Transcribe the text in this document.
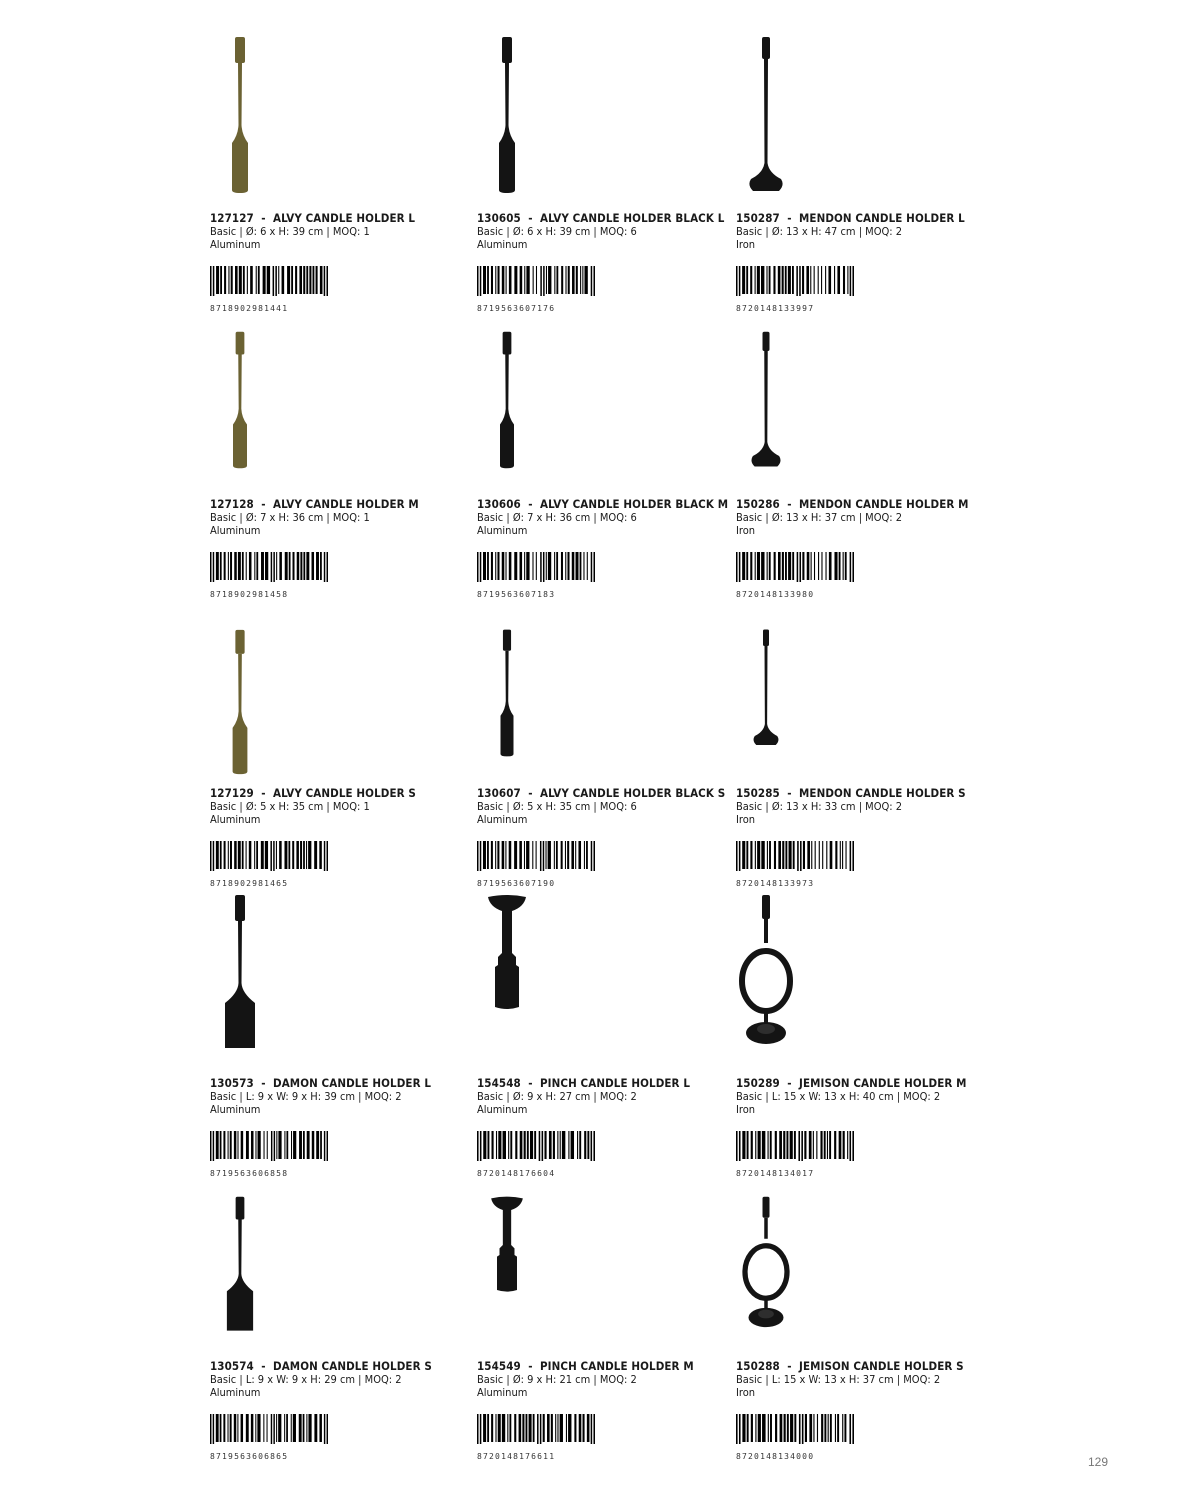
127127  -  ALVY CANDLE HOLDER L
Basic | Ø: 6 x H: 39 cm | MOQ: 1
Aluminum
8718902981441
130605  -  ALVY CANDLE HOLDER BLACK L
Basic | Ø: 6 x H: 39 cm | MOQ: 6
Aluminum
8719563607176
150287  -  MENDON CANDLE HOLDER L
Basic | Ø: 13 x H: 47 cm | MOQ: 2
Iron
8720148133997
127128  -  ALVY CANDLE HOLDER M
Basic | Ø: 7 x H: 36 cm | MOQ: 1
Aluminum
8718902981458
130606  -  ALVY CANDLE HOLDER BLACK M
Basic | Ø: 7 x H: 36 cm | MOQ: 6
Aluminum
8719563607183
150286  -  MENDON CANDLE HOLDER M
Basic | Ø: 13 x H: 37 cm | MOQ: 2
Iron
8720148133980
127129  -  ALVY CANDLE HOLDER S
Basic | Ø: 5 x H: 35 cm | MOQ: 1
Aluminum
8718902981465
130607  -  ALVY CANDLE HOLDER BLACK S
Basic | Ø: 5 x H: 35 cm | MOQ: 6
Aluminum
8719563607190
150285  -  MENDON CANDLE HOLDER S
Basic | Ø: 13 x H: 33 cm | MOQ: 2
Iron
8720148133973
130573  -  DAMON CANDLE HOLDER L
Basic | L: 9 x W: 9 x H: 39 cm | MOQ: 2
Aluminum
8719563606858
154548  -  PINCH CANDLE HOLDER L
Basic | Ø: 9 x H: 27 cm | MOQ: 2
Aluminum
8720148176604
150289  -  JEMISON CANDLE HOLDER M
Basic | L: 15 x W: 13 x H: 40 cm | MOQ: 2
Iron
8720148134017
130574  -  DAMON CANDLE HOLDER S
Basic | L: 9 x W: 9 x H: 29 cm | MOQ: 2
Aluminum
8719563606865
154549  -  PINCH CANDLE HOLDER M
Basic | Ø: 9 x H: 21 cm | MOQ: 2
Aluminum
8720148176611
150288  -  JEMISON CANDLE HOLDER S
Basic | L: 15 x W: 13 x H: 37 cm | MOQ: 2
Iron
8720148134000	129
